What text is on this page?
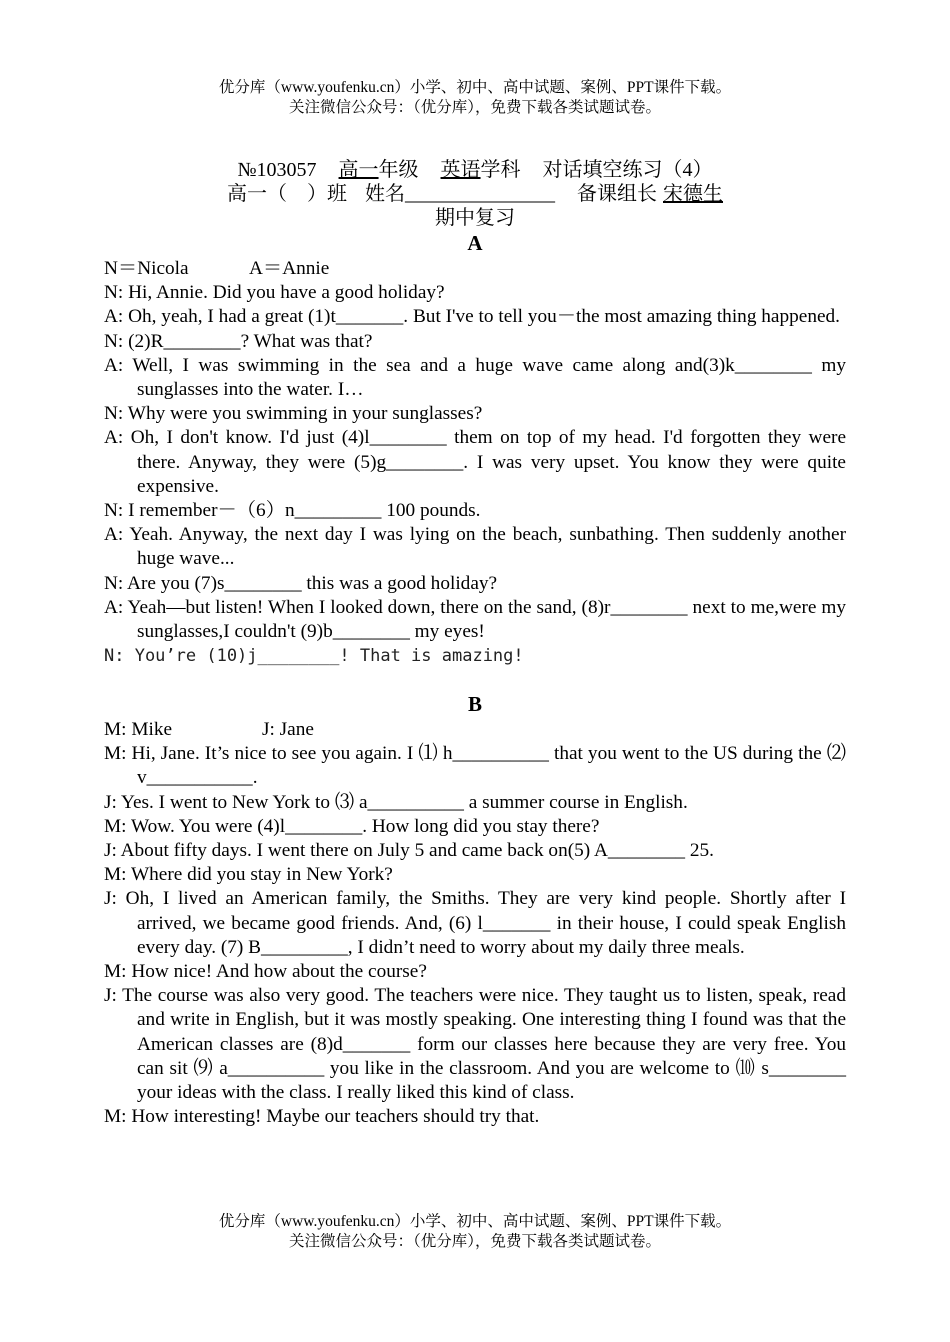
优分库（www.youfenku.cn）小学、初中、高中试题、案例、PPT课件下载。
关注微信公众号：（优分库），免费下载各类试题试卷。
№103057 高一年级 英语学科 对话填空练习（4）
高一（　）班 姓名_______________ 备课组长 宋德生
期中复习
A
N＝Nicola	A＝Annie
N: Hi, Annie. Did you have a good holiday?
A: Oh, yeah, I had a great (1)t_______. But I've to tell you－the most amazing thing happened.
N: (2)R________? What was that?
A: Well, I was swimming in the sea and a huge wave came along and(3)k________ my sunglasses into the water. I…
N: Why were you swimming in your sunglasses?
A: Oh, I don't know. I'd just (4)l________ them on top of my head. I'd forgotten they were there. Anyway, they were (5)g________. I was very upset. You know they were quite expensive.
N: I remember－（6）n_________ 100 pounds.
A: Yeah. Anyway, the next day I was lying on the beach, sunbathing. Then suddenly another huge wave...
N: Are you (7)s________ this was a good holiday?
A: Yeah—but listen! When I looked down, there on the sand, (8)r________ next to me,were my sunglasses,I couldn't (9)b________ my eyes!
N: You’re (10)j________! That is amazing!
B
M: Mike	J: Jane
M: Hi, Jane. It’s nice to see you again. I ⑴ h__________ that you went to the US during the ⑵ v___________.
J: Yes. I went to New York to ⑶ a__________ a summer course in English.
M: Wow. You were (4)l________. How long did you stay there?
J: About fifty days. I went there on July 5 and came back on(5) A________ 25.
M: Where did you stay in New York?
J: Oh, I lived an American family, the Smiths. They are very kind people. Shortly after I arrived, we became good friends. And, (6) l_______ in their house, I could speak English every day. (7) B_________, I didn’t need to worry about my daily three meals.
M: How nice! And how about the course?
J: The course was also very good. The teachers were nice. They taught us to listen, speak, read and write in English, but it was mostly speaking. One interesting thing I found was that the American classes are (8)d_______ form our classes here because they are very free. You can sit ⑼ a__________ you like in the classroom. And you are welcome to ⑽ s________ your ideas with the class. I really liked this kind of class.
M: How interesting! Maybe our teachers should try that.
优分库（www.youfenku.cn）小学、初中、高中试题、案例、PPT课件下载。
关注微信公众号：（优分库），免费下载各类试题试卷。
